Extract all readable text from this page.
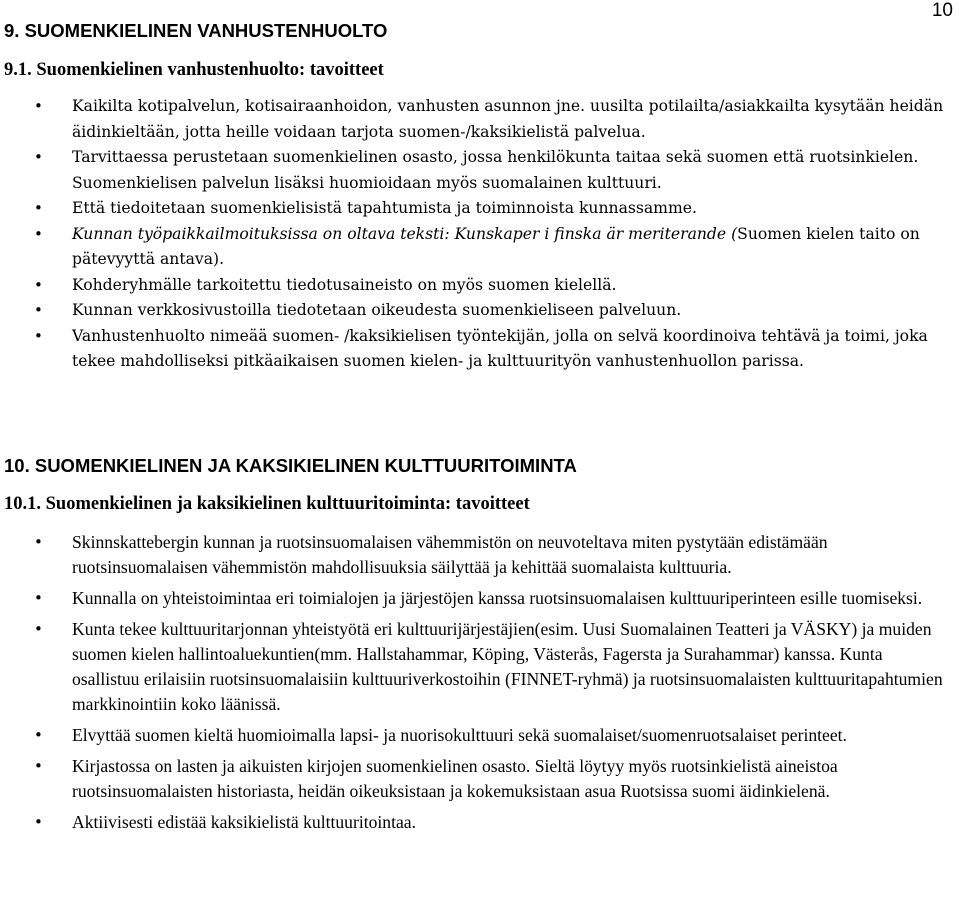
10
9. SUOMENKIELINEN VANHUSTENHUOLTO
9.1. Suomenkielinen vanhustenhuolto: tavoitteet
• Kaikilta kotipalvelun, kotisairaanhoidon, vanhusten asunnon jne. uusilta potilailta/asiakkailta kysytään heidän äidinkieltään, jotta heille voidaan tarjota suomen-/kaksikielistä palvelua.
• Tarvittaessa perustetaan suomenkielinen osasto, jossa henkilökunta taitaa sekä suomen että ruotsinkielen. Suomenkielisen palvelun lisäksi huomioidaan myös suomalainen kulttuuri.
• Että tiedoitetaan suomenkielisistä tapahtumista ja toiminnoista kunnassamme.
• Kunnan työpaikkailmoituksissa on oltava teksti: Kunskaper i finska är meriterande (Suomen kielen taito on pätevyyttä antava).
• Kohderyhmälle tarkoitettu tiedotusaineisto on myös suomen kielellä.
• Kunnan verkkosivustoilla tiedotetaan oikeudesta suomenkieliseen palveluun.
• Vanhustenhuolto nimeää suomen- /kaksikielisen työntekijän, jolla on selvä koordinoiva tehtävä ja toimi, joka tekee mahdolliseksi pitkäaikaisen suomen kielen- ja kulttuurityön vanhustenhuollon parissa.
10. SUOMENKIELINEN JA KAKSIKIELINEN KULTTUURITOIMINTA
10.1. Suomenkielinen ja kaksikielinen kulttuuritoiminta: tavoitteet
• Skinnskattebergin kunnan ja ruotsinsuomalaisen vähemmistön on neuvoteltava miten pystytään edistämään ruotsinsuomalaisen vähemmistön mahdollisuuksia säilyttää ja kehittää suomalaista kulttuuria.
• Kunnalla on yhteistoimintaa eri toimialojen ja järjestöjen kanssa ruotsinsuomalaisen kulttuuriperinteen esille tuomiseksi.
• Kunta tekee kulttuuritarjonnan yhteistyötä eri kulttuurijärjestäjien(esim. Uusi Suomalainen Teatteri ja VÄSKY) ja muiden suomen kielen hallintoaluekuntien(mm. Hallstahammar, Köping, Västerås, Fagersta ja Surahammar) kanssa. Kunta osallistuu erilaisiin ruotsinsuomalaisiin kulttuuriverkostoihin (FINNET-ryhmä) ja ruotsinsuomalaisten kulttuuritapahtumien markkinointiin koko läänissä.
• Elvyttää suomen kieltä huomioimalla lapsi- ja nuorisokulttuuri sekä suomalaiset/suomenruotsalaiset perinteet.
• Kirjastossa on lasten ja aikuisten kirjojen suomenkielinen osasto. Sieltä löytyy myös ruotsinkielistä aineistoa ruotsinsuomalaisten historiasta, heidän oikeuksistaan ja kokemuksistaan asua Ruotsissa suomi äidinkielenä.
• Aktiivisesti edistää kaksikielistä kulttuuritointaa.
